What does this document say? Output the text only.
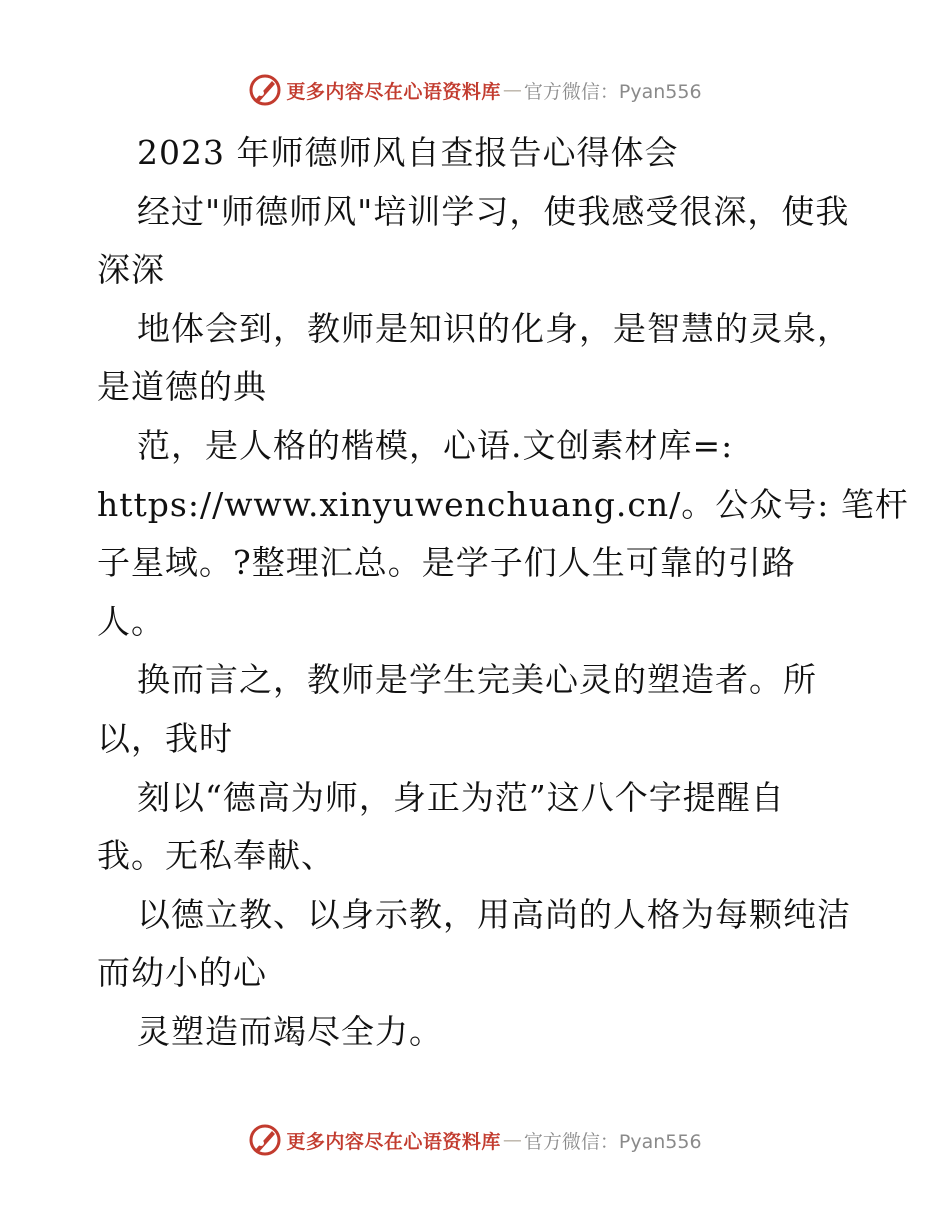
更多内容尽在心语资料库 — 官方微信：Pyan556
2023 年师德师风自查报告心得体会
经过"师德师风"培训学习，使我感受很深，使我
深深
地体会到，教师是知识的化身，是智慧的灵泉，
是道德的典
范，是人格的楷模，心语.文创素材库=:
https://www.xinyuwenchuang.cn/。公众号: 笔杆
子星域。?整理汇总。是学子们人生可靠的引路
人。
换而言之，教师是学生完美心灵的塑造者。所
以，我时
刻以“德高为师，身正为范”这八个字提醒自
我。无私奉献、
以德立教、以身示教，用高尚的人格为每颗纯洁
而幼小的心
灵塑造而竭尽全力。
更多内容尽在心语资料库 — 官方微信：Pyan556
